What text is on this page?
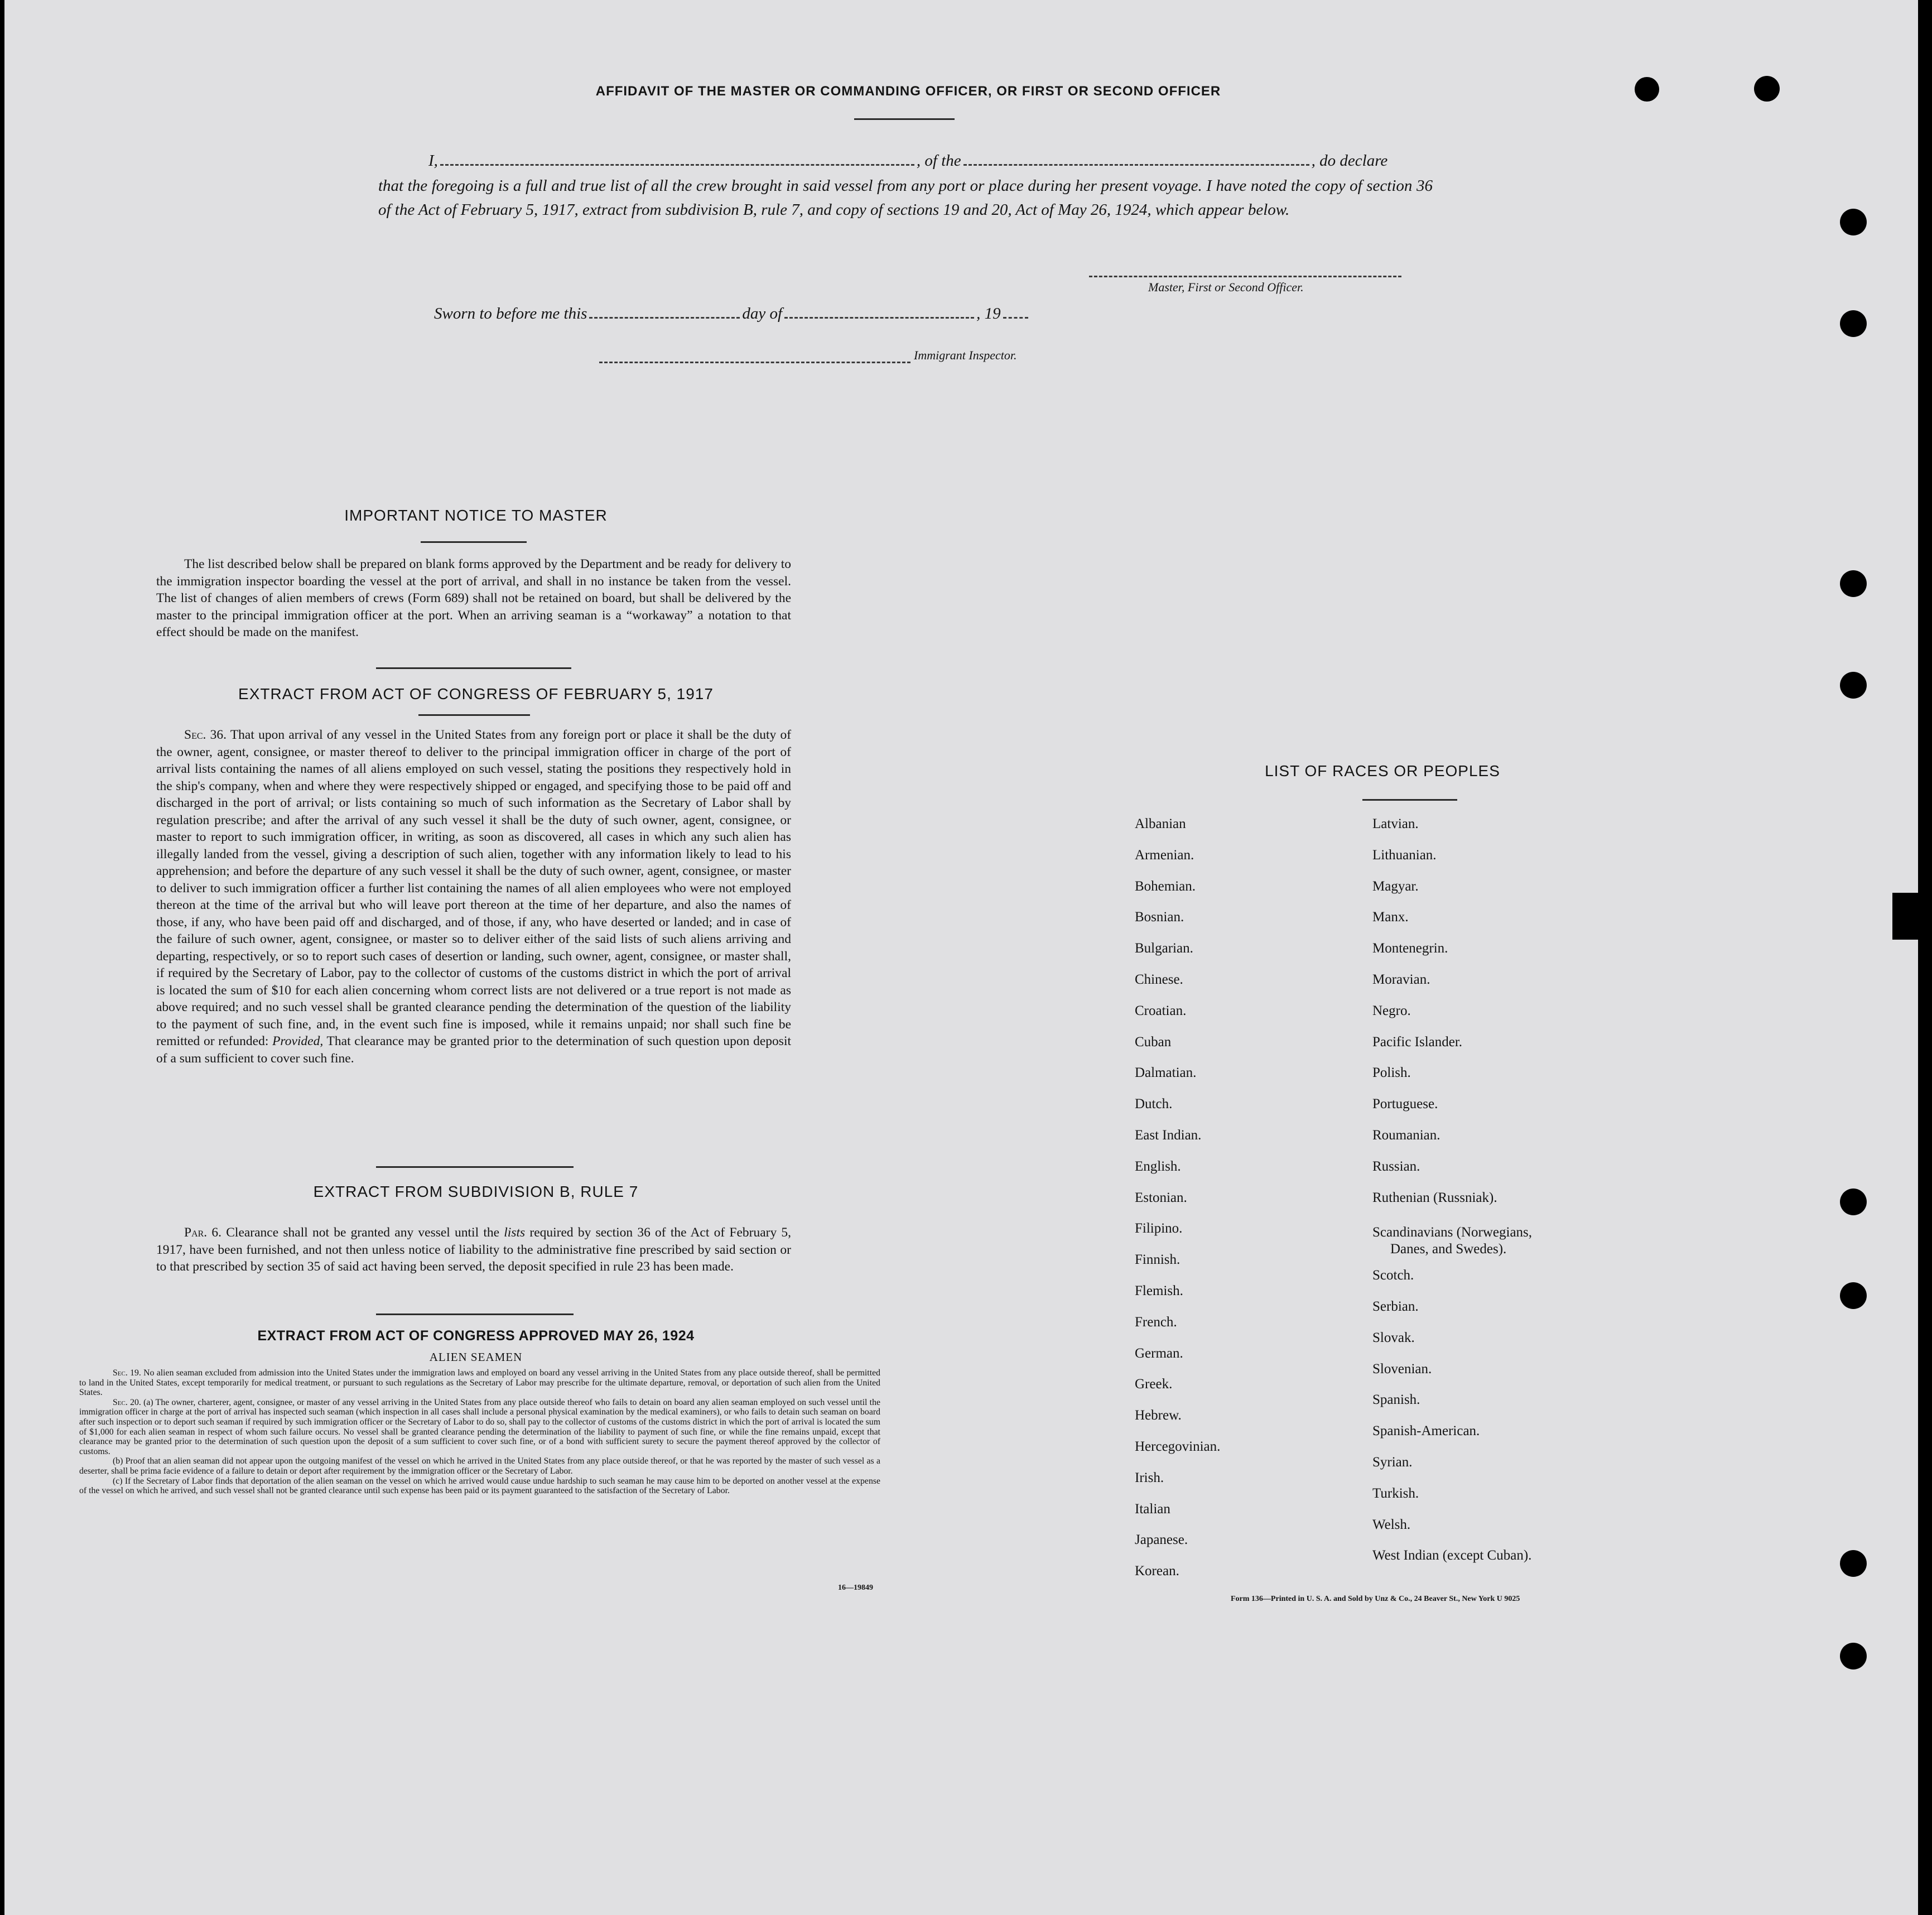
AFFIDAVIT OF THE MASTER OR COMMANDING OFFICER, OR FIRST OR SECOND OFFICER
I,	, of the	, do declare
that the foregoing is a full and true list of all the crew brought in said vessel from any port or place during her present voyage. I have noted the copy of section 36 of the Act of February 5, 1917, extract from subdivision B, rule 7, and copy of sections 19 and 20, Act of May 26, 1924, which appear below.
Master, First or Second Officer.
Sworn to before me this	day of	, 19
Immigrant Inspector.
IMPORTANT NOTICE TO MASTER
The list described below shall be prepared on blank forms approved by the Department and be ready for delivery to the immigration inspector boarding the vessel at the port of arrival, and shall in no instance be taken from the vessel. The list of changes of alien members of crews (Form 689) shall not be retained on board, but shall be delivered by the master to the principal immigration officer at the port. When an arriving seaman is a “workaway” a notation to that effect should be made on the manifest.
EXTRACT FROM ACT OF CONGRESS OF FEBRUARY 5, 1917
Sec. 36. That upon arrival of any vessel in the United States from any foreign port or place it shall be the duty of the owner, agent, consignee, or master thereof to deliver to the principal immigration officer in charge of the port of arrival lists containing the names of all aliens employed on such vessel, stating the positions they respectively hold in the ship's company, when and where they were respectively shipped or engaged, and specifying those to be paid off and discharged in the port of arrival; or lists containing so much of such information as the Secretary of Labor shall by regulation prescribe; and after the arrival of any such vessel it shall be the duty of such owner, agent, consignee, or master to report to such immigration officer, in writing, as soon as discovered, all cases in which any such alien has illegally landed from the vessel, giving a description of such alien, together with any information likely to lead to his apprehension; and before the departure of any such vessel it shall be the duty of such owner, agent, consignee, or master to deliver to such immigration officer a further list containing the names of all alien employees who were not employed thereon at the time of the arrival but who will leave port thereon at the time of her departure, and also the names of those, if any, who have been paid off and discharged, and of those, if any, who have deserted or landed; and in case of the failure of such owner, agent, consignee, or master so to deliver either of the said lists of such aliens arriving and departing, respectively, or so to report such cases of desertion or landing, such owner, agent, consignee, or master shall, if required by the Secretary of Labor, pay to the collector of customs of the customs district in which the port of arrival is located the sum of $10 for each alien concerning whom correct lists are not delivered or a true report is not made as above required; and no such vessel shall be granted clearance pending the determination of the question of the liability to the payment of such fine, and, in the event such fine is imposed, while it remains unpaid; nor shall such fine be remitted or refunded: Provided, That clearance may be granted prior to the determination of such question upon deposit of a sum sufficient to cover such fine.
EXTRACT FROM SUBDIVISION B, RULE 7
Par. 6. Clearance shall not be granted any vessel until the lists required by section 36 of the Act of February 5, 1917, have been furnished, and not then unless notice of liability to the administrative fine prescribed by said section or to that prescribed by section 35 of said act having been served, the deposit specified in rule 23 has been made.
EXTRACT FROM ACT OF CONGRESS APPROVED MAY 26, 1924
ALIEN SEAMEN
Sec. 19. No alien seaman excluded from admission into the United States under the immigration laws and employed on board any vessel arriving in the United States from any place outside thereof, shall be permitted to land in the United States, except temporarily for medical treatment, or pursuant to such regulations as the Secretary of Labor may prescribe for the ultimate departure, removal, or deportation of such alien from the United States.
Sec. 20. (a) The owner, charterer, agent, consignee, or master of any vessel arriving in the United States from any place outside thereof who fails to detain on board any alien seaman employed on such vessel until the immigration officer in charge at the port of arrival has inspected such seaman (which inspection in all cases shall include a personal physical examination by the medical examiners), or who fails to detain such seaman on board after such inspection or to deport such seaman if required by such immigration officer or the Secretary of Labor to do so, shall pay to the collector of customs of the customs district in which the port of arrival is located the sum of $1,000 for each alien seaman in respect of whom such failure occurs. No vessel shall be granted clearance pending the determination of the liability to payment of such fine, or while the fine remains unpaid, except that clearance may be granted prior to the determination of such question upon the deposit of a sum sufficient to cover such fine, or of a bond with sufficient surety to secure the payment thereof approved by the collector of customs.
(b) Proof that an alien seaman did not appear upon the outgoing manifest of the vessel on which he arrived in the United States from any place outside thereof, or that he was reported by the master of such vessel as a deserter, shall be prima facie evidence of a failure to detain or deport after requirement by the immigration officer or the Secretary of Labor.
(c) If the Secretary of Labor finds that deportation of the alien seaman on the vessel on which he arrived would cause undue hardship to such seaman he may cause him to be deported on another vessel at the expense of the vessel on which he arrived, and such vessel shall not be granted clearance until such expense has been paid or its payment guaranteed to the satisfaction of the Secretary of Labor.
16—19849
LIST OF RACES OR PEOPLES
Form 136—Printed in U. S. A. and Sold by Unz & Co., 24 Beaver St., New York U 9025
Albanian
Armenian.
Bohemian.
Bosnian.
Bulgarian.
Chinese.
Croatian.
Cuban
Dalmatian.
Dutch.
East Indian.
English.
Estonian.
Filipino.
Finnish.
Flemish.
French.
German.
Greek.
Hebrew.
Hercegovinian.
Irish.
Italian
Japanese.
Korean.
Latvian.
Lithuanian.
Magyar.
Manx.
Montenegrin.
Moravian.
Negro.
Pacific Islander.
Polish.
Portuguese.
Roumanian.
Russian.
Ruthenian (Russniak).
Scandinavians (Norwegians,
Danes, and Swedes).
Scotch.
Serbian.
Slovak.
Slovenian.
Spanish.
Spanish-American.
Syrian.
Turkish.
Welsh.
West Indian (except Cuban).
